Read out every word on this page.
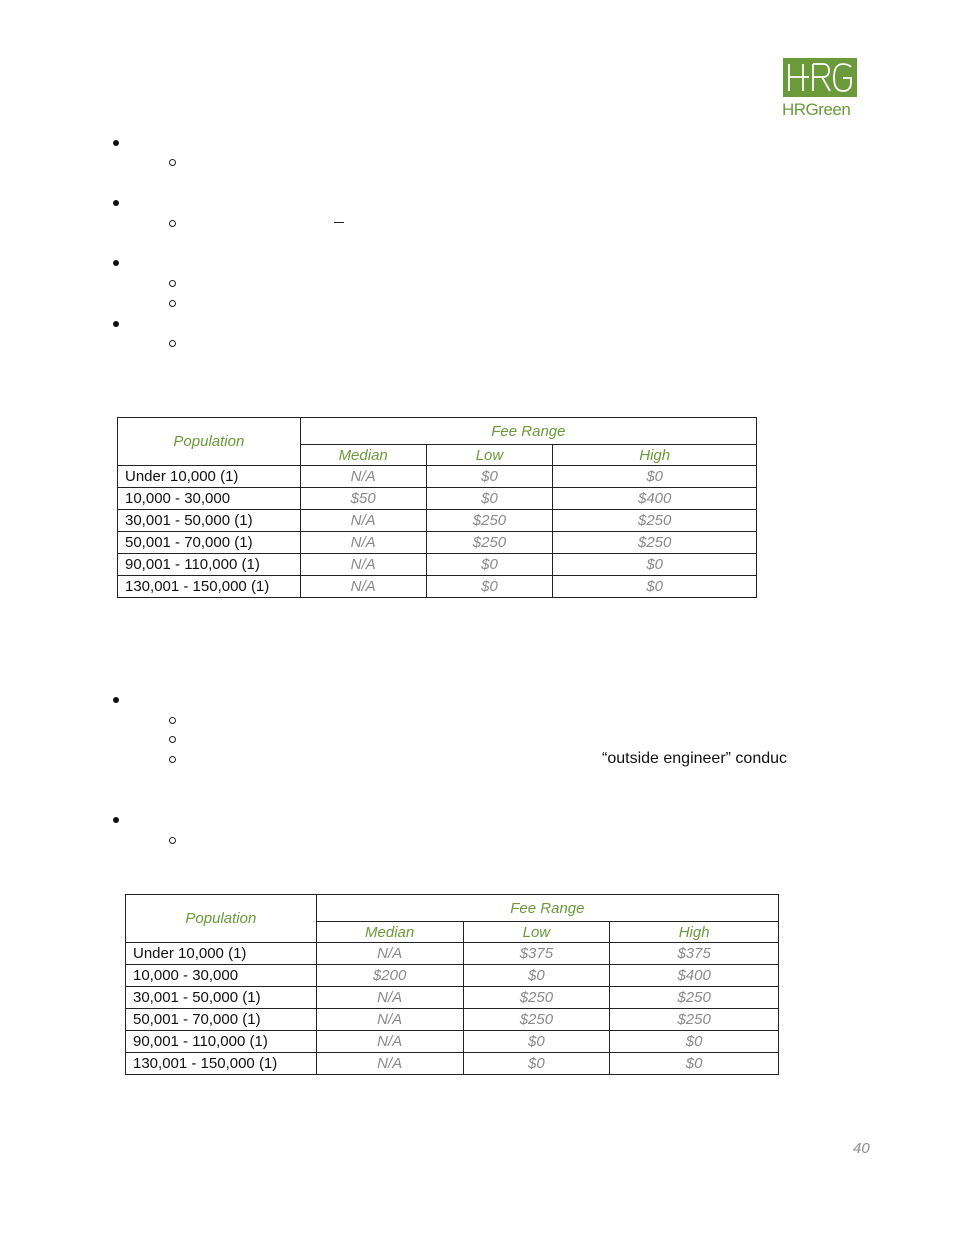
HRGreen
Population	Fee Range		
	Median	Low	High
Under 10,000 (1)	N/A	$0	$0
10,000 - 30,000	$50	$0	$400
30,001 - 50,000 (1)	N/A	$250	$250
50,001 - 70,000 (1)	N/A	$250	$250
90,001 - 110,000 (1)	N/A	$0	$0
130,001 - 150,000 (1)	N/A	$0	$0
“outside engineer” conduc
Population	Fee Range		
	Median	Low	High
Under 10,000 (1)	N/A	$375	$375
10,000 - 30,000	$200	$0	$400
30,001 - 50,000 (1)	N/A	$250	$250
50,001 - 70,000 (1)	N/A	$250	$250
90,001 - 110,000 (1)	N/A	$0	$0
130,001 - 150,000 (1)	N/A	$0	$0
40
